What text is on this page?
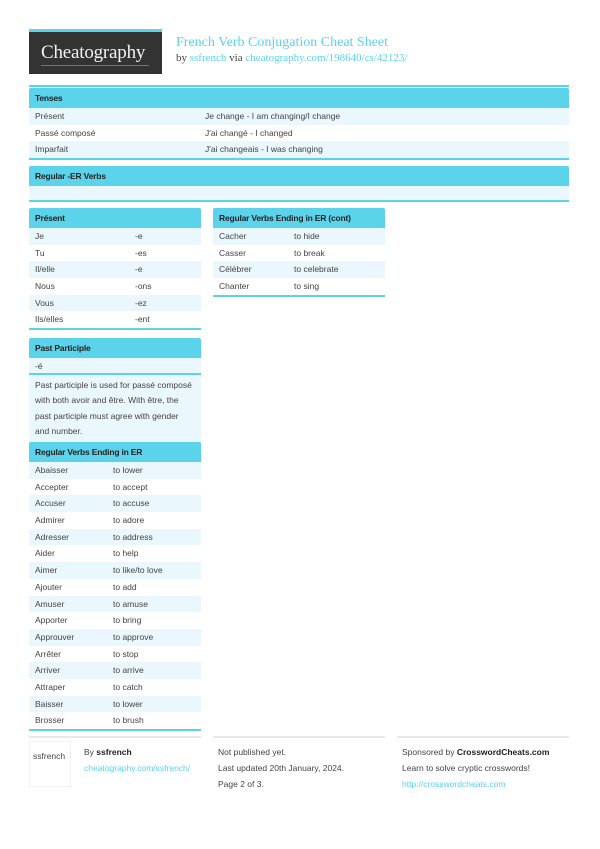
Cheatography French Verb Conjugation Cheat Sheet
by ssfrench via cheatography.com/198640/cs/42123/
Tenses
Présent	Je change - I am changing/I change
Passé composé	J'ai changé - I changed
Imparfait	J'ai changeais - I was changing
Regular -ER Verbs
Présent
Je	-e
Tu	-es
Il/elle	-e
Nous	-ons
Vous	-ez
Ils/elles	-ent
Past Participle
-é
Past participle is used for passé composé with both avoir and être. With être, the past participle must agree with gender and number.
Regular Verbs Ending in ER
Abaisser	to lower
Accepter	to accept
Accuser	to accuse
Admirer	to adore
Adresser	to address
Aider	to help
Aimer	to like/to love
Ajouter	to add
Amuser	to amuse
Apporter	to bring
Approuver	to approve
Arrêter	to stop
Arriver	to arrive
Attraper	to catch
Baisser	to lower
Brosser	to brush
Regular Verbs Ending in ER (cont)
Cacher	to hide
Casser	to break
Célébrer	to celebrate
Chanter	to sing
ssfrench	By ssfrench
cheatography.com/ssfrench/
Not published yet.
Last updated 20th January, 2024.
Page 2 of 3.
Sponsored by CrosswordCheats.com
Learn to solve cryptic crosswords!
http://crosswordcheats.com
